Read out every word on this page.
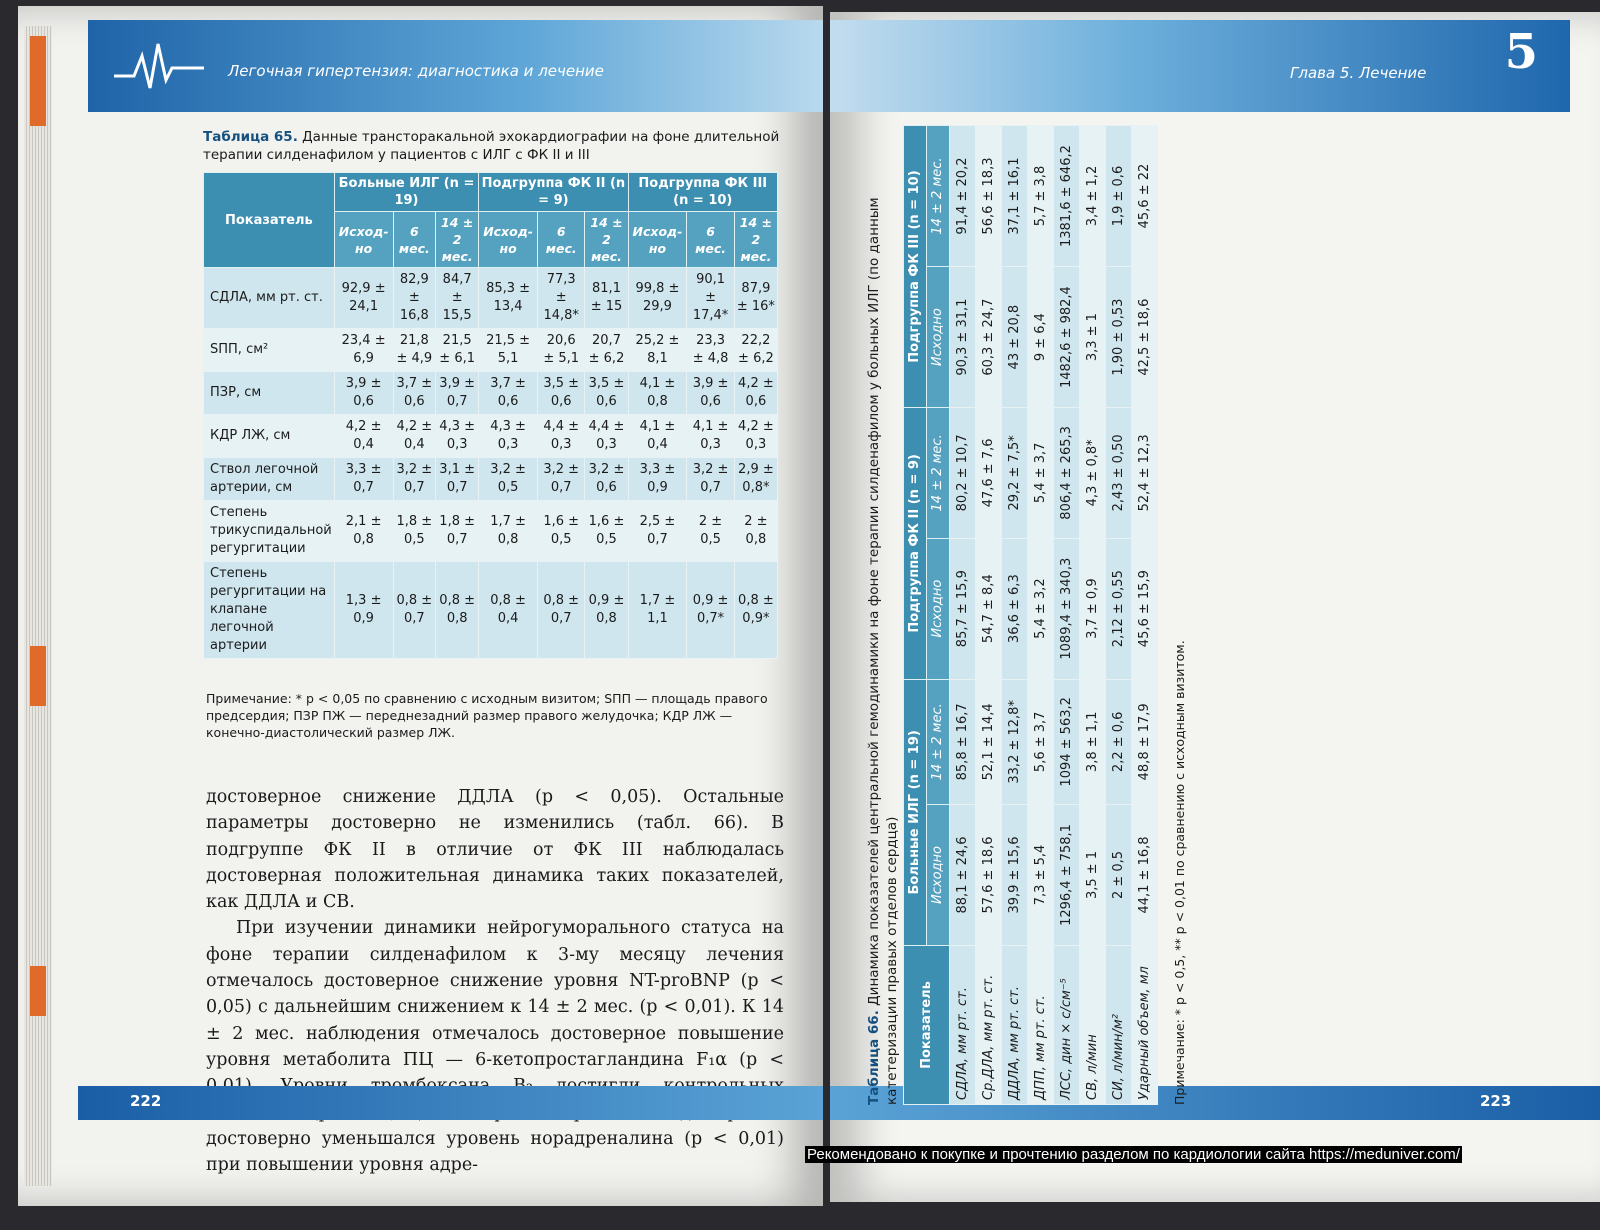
Легочная гипертензия: диагностика и лечение
Таблица 65. Данные трансторакальной эхокардиографии на фоне длительной терапии силденафилом у пациентов с ИЛГ с ФК II и III
Показатель	Больные ИЛГ (n = 19)			Подгруппа ФК II (n = 9)			Подгруппа ФК III (n = 10)		
	Исход-но	6 мес.	14 ± 2 мес.	Исход-но	6 мес.	14 ± 2 мес.	Исход-но	6 мес.	14 ± 2 мес.
СДЛА, мм рт. ст.	92,9 ± 24,1	82,9 ± 16,8	84,7 ± 15,5	85,3 ± 13,4	77,3 ± 14,8*	81,1 ± 15	99,8 ± 29,9	90,1 ± 17,4*	87,9 ± 16*
SПП, см²	23,4 ± 6,9	21,8 ± 4,9	21,5 ± 6,1	21,5 ± 5,1	20,6 ± 5,1	20,7 ± 6,2	25,2 ± 8,1	23,3 ± 4,8	22,2 ± 6,2
ПЗР, см	3,9 ± 0,6	3,7 ± 0,6	3,9 ± 0,7	3,7 ± 0,6	3,5 ± 0,6	3,5 ± 0,6	4,1 ± 0,8	3,9 ± 0,6	4,2 ± 0,6
КДР ЛЖ, см	4,2 ± 0,4	4,2 ± 0,4	4,3 ± 0,3	4,3 ± 0,3	4,4 ± 0,3	4,4 ± 0,3	4,1 ± 0,4	4,1 ± 0,3	4,2 ± 0,3
Ствол легочной артерии, см	3,3 ± 0,7	3,2 ± 0,7	3,1 ± 0,7	3,2 ± 0,5	3,2 ± 0,7	3,2 ± 0,6	3,3 ± 0,9	3,2 ± 0,7	2,9 ± 0,8*
Степень трикуспидальной регургитации	2,1 ± 0,8	1,8 ± 0,5	1,8 ± 0,7	1,7 ± 0,8	1,6 ± 0,5	1,6 ± 0,5	2,5 ± 0,7	2 ± 0,5	2 ± 0,8
Степень регургитации на клапане легочной артерии	1,3 ± 0,9	0,8 ± 0,7	0,8 ± 0,8	0,8 ± 0,4	0,8 ± 0,7	0,9 ± 0,8	1,7 ± 1,1	0,9 ± 0,7*	0,8 ± 0,9*
Примечание: * p < 0,05 по сравнению с исходным визитом; SПП — площадь правого предсердия; ПЗР ПЖ — переднезадний размер правого желудочка; КДР ЛЖ — конечно-диастолический размер ЛЖ.

достоверное снижение ДДЛА (p < 0,05). Остальные параметры достоверно не изменились (табл. 66). В подгруппе ФК II в отличие от ФК III наблюдалась достоверная положительная динамика таких показателей, как ДДЛА и СВ.

При изучении динамики нейрогуморального статуса на фоне терапии силденафилом к 3-му месяцу лечения отмечалось достоверное снижение уровня NT-proBNP (p < 0,05) с дальнейшим снижением к 14 ± 2 мес. (p < 0,01). К 14 ± 2 мес. наблюдения отмечалось достоверное повышение уровня метаболита ПЦ — 6-кетопростагландина F₁α (p < достоверно уменьшался уровень норадреналина (p < 0,01) при повышении уровня адре-

222
Глава 5. Лечение 5
223
Таблица 66. Динамика показателей центральной гемодинамики на фоне терапии силденафилом у больных ИЛГ (по данным катетеризации правых отделов сердца) Показатель	Больные ИЛГ (n = 19)		Подгруппа ФК II (n = 9)		Подгруппа ФК III (n = 10)	
	Исходно	14 ± 2 мес.	Исходно	14 ± 2 мес.	Исходно	14 ± 2 мес.
СДЛА, мм рт. ст.	88,1 ± 24,6	85,8 ± 16,7	85,7 ± 15,9	80,2 ± 10,7	90,3 ± 31,1	91,4 ± 20,2
Ср.ДЛА, мм рт. ст.	57,6 ± 18,6	52,1 ± 14,4	54,7 ± 8,4	47,6 ± 7,6	60,3 ± 24,7	56,6 ± 18,3
ДДЛА, мм рт. ст.	39,9 ± 15,6	33,2 ± 12,8*	36,6 ± 6,3	29,2 ± 7,5*	43 ± 20,8	37,1 ± 16,1
ДПП, мм рт. ст.	7,3 ± 5,4	5,6 ± 3,7	5,4 ± 3,2	5,4 ± 3,7	9 ± 6,4	5,7 ± 3,8
ЛСС, дин × с/см⁻⁵	1296,4 ± 758,1	1094 ± 563,2	1089,4 ± 340,3	806,4 ± 265,3	1482,6 ± 982,4	1381,6 ± 646,2
СВ, л/мин	3,5 ± 1	3,8 ± 1,1	3,7 ± 0,9	4,3 ± 0,8*	3,3 ± 1	3,4 ± 1,2
СИ, л/мин/м²	2 ± 0,5	2,2 ± 0,6	2,12 ± 0,55	2,43 ± 0,50	1,90 ± 0,53	1,9 ± 0,6
Ударный объем, мл	44,1 ± 16,8	48,8 ± 17,9	45,6 ± 15,9	52,4 ± 12,3	42,5 ± 18,6	45,6 ± 22
Примечание: * p < 0,5, ** p < 0,01 по сравнению с исходным визитом.
Рекомендовано к покупке и прочтению разделом по кардиологии сайта https://meduniver.com/
